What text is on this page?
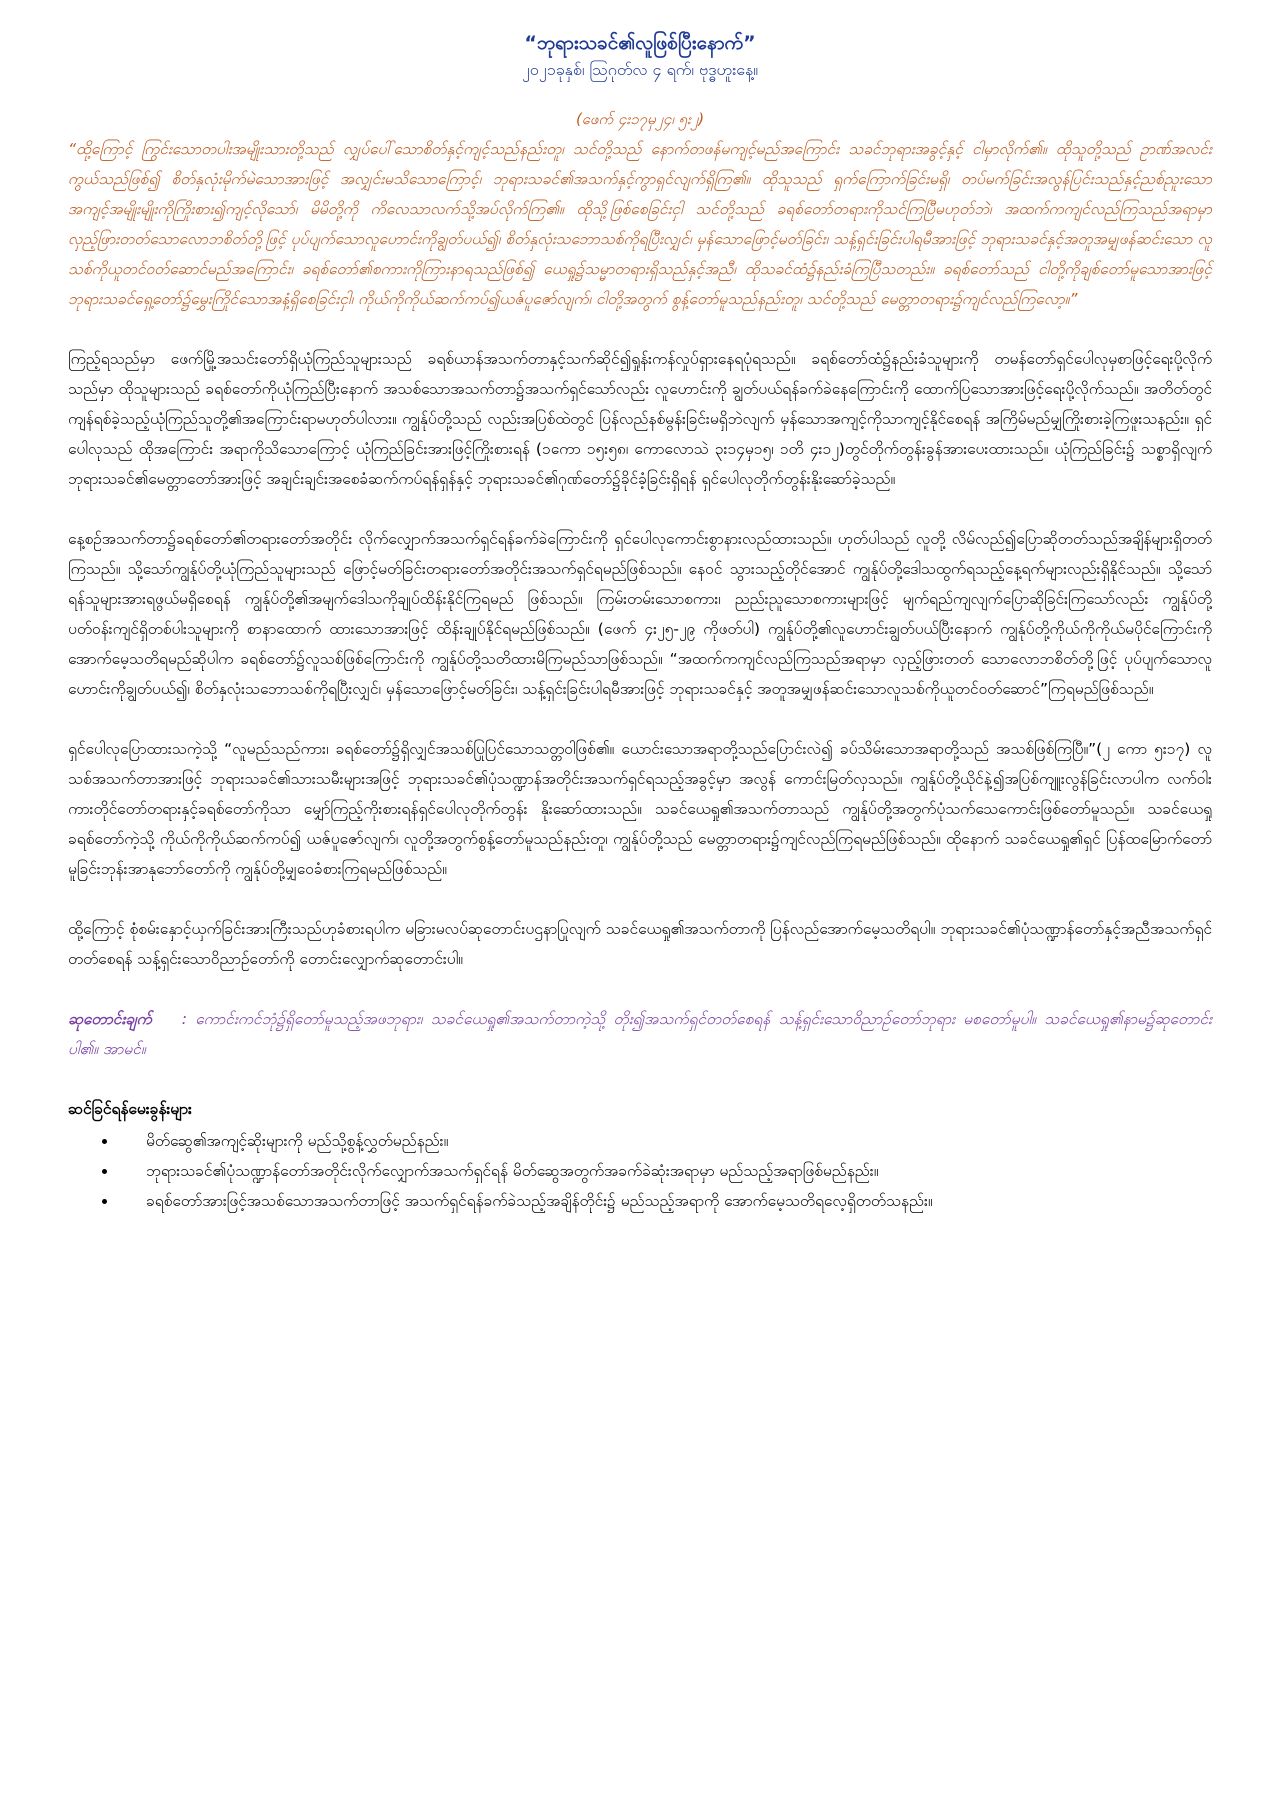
“ဘုရားသခင်၏လူဖြစ်ပြီးနောက်”
၂၀၂၁ခုနှစ်၊ ဩဂုတ်လ ၄ ရက်၊ ဗုဒ္ဓဟူးနေ့။
(ဖေက် ၄း၁၇မှ၂၄၊ ၅း၂)

“ထို့ကြောင့် ကြွင်းသောတပါးအမျိုးသားတို့သည် လျှပ်ပေါ်သောစိတ်နှင့်ကျင့်သည်နည်းတူ၊ သင်တို့သည် နောက်တဖန်မကျင့်မည်အကြောင်း သခင်ဘုရားအခွင့်နှင့် ငါမှာလိုက်၏။ ထိုသူတို့သည် ဥာဏ်အလင်းကွယ်သည်ဖြစ်၍ စိတ်နှလုံးမိုက်မဲသောအားဖြင့် အလျှင်းမသိသောကြောင့်၊ ဘုရားသခင်၏အသက်နှင့်ကွာရှင်လျက်ရှိကြ၏။ ထိုသူသည် ရှက်ကြောက်ခြင်းမရှိ၊ တပ်မက်ခြင်းအလွန်ပြင်းသည်နှင့်ညစ်ညူးသော အကျင့်အမျိုးမျိုးကိုကြိုးစား၍ကျင့်လိုသော်၊ မိမိတို့ကို ကိလေသာလက်သို့အပ်လိုက်ကြ၏။ ထိုသို့ဖြစ်စေခြင်းငှါ သင်တို့သည် ခရစ်တော်တရားကိုသင်ကြပြီမဟုတ်ဘဲ၊ အထက်ကကျင်လည်ကြသည်အရာမှာ လှည့်ဖြားတတ်သောလောဘစိတ်တို့ဖြင့် ပုပ်ပျက်သောလူဟောင်းကိုချွတ်ပယ်၍၊ စိတ်နှလုံးသဘောသစ်ကိုရပြီးလျှင်၊ မှန်သောဖြောင့်မတ်ခြင်း၊ သန့်ရှင်းခြင်းပါရမီအားဖြင့် ဘုရားသခင်နှင့်အတူအမျှဖန်ဆင်းသော လူသစ်ကိုယူတင်ဝတ်ဆောင်မည်အကြောင်း၊ ခရစ်တော်၏စကားကိုကြားနာရသည်ဖြစ်၍ ယေရှု၌သမ္မာတရားရှိသည်နှင့်အညီ၊ ထိုသခင်ထံ၌နည်းခံကြပြီသတည်း။ ခရစ်တော်သည် ငါတို့ကိုချစ်တော်မူသောအားဖြင့် ဘုရားသခင်ရှေ့တော်၌မွှေးကြိုင်သောအနံ့ရှိစေခြင်းငှါ၊ ကိုယ်ကိုကိုယ်ဆက်ကပ်၍ယဇ်ပူဇော်လျက်၊ ငါတို့အတွက် စွန့်တော်မူသည်နည်းတူ၊ သင်တို့သည် မေတ္တာတရား၌ကျင်လည်ကြလော့။”

ကြည့်ရသည်မှာ ဖေက်မြို့အသင်းတော်ရှိယုံကြည်သူများသည် ခရစ်ယာန်အသက်တာနှင့်သက်ဆိုင်၍ရှုန်းကန်လှုပ်ရှားနေရပုံရသည်။ ခရစ်တော်ထံ၌နည်းခံသူများကို တမန်တော်ရှင်ပေါလုမှစာဖြင့်ရေးပို့လိုက်သည်မှာ ထိုသူများသည် ခရစ်တော်ကိုယုံကြည်ပြီးနောက် အသစ်သောအသက်တာ၌အသက်ရှင်သော်လည်း လူဟောင်းကို ချွတ်ပယ်ရန်ခက်ခဲနေကြောင်းကို ထောက်ပြသောအားဖြင့်ရေးပို့လိုက်သည်။ အတိတ်တွင်ကျန်ရစ်ခဲ့သည့်ယုံကြည်သူတို့၏အကြောင်းရာမဟုတ်ပါလား။ ကျွန်ုပ်တို့သည် လည်းအပြစ်ထဲတွင် ပြန်လည်နစ်မွန်းခြင်းမရှိဘဲလျက် မှန်သောအကျင့်ကိုသာကျင့်နိုင်စေရန် အကြိမ်မည်မျှကြိုးစားခဲ့ကြဖူးသနည်း။ ရှင်ပေါလုသည် ထိုအကြောင်း အရာကိုသိသောကြောင့် ယုံကြည်ခြင်းအားဖြင့်ကြိုးစားရန် (၁ကော ၁၅း၅၈၊ ကောလောသဲ ၃း၁၄မှ၁၅၊ ၁တိ ၄း၁၂)တွင်တိုက်တွန်းခွန်အားပေးထားသည်။ ယုံကြည်ခြင်း၌ သစ္စာရှိလျက် ဘုရားသခင်၏မေတ္တာတော်အားဖြင့် အချင်းချင်းအစေခံဆက်ကပ်ရန်ရှန်နှင့် ဘုရားသခင်၏ဂုဏ်တော်၌ခိုင်ခံ့ခြင်းရှိရန် ရှင်ပေါလုတိုက်တွန်းနိုးဆော်ခဲ့သည်။

နေ့စဉ်အသက်တာ၌ခရစ်တော်၏တရားတော်အတိုင်း လိုက်လျှောက်အသက်ရှင်ရန်ခက်ခဲကြောင်းကို ရှင်ပေါလုကောင်းစွာနားလည်ထားသည်။ ဟုတ်ပါသည် လူတို့ လိမ်လည်၍ပြောဆိုတတ်သည်အချိန်များရှိတတ်ကြသည်။ သို့သော်ကျွန်ုပ်တို့ယုံကြည်သူများသည် ဖြောင့်မတ်ခြင်းတရားတော်အတိုင်းအသက်ရှင်ရမည်ဖြစ်သည်။ နေဝင် သွားသည့်တိုင်အောင် ကျွန်ုပ်တို့ဒေါသထွက်ရသည့်နေ့ရက်များလည်းရှိနိုင်သည်။ သို့သော် ရန်သူများအားရဖွယ်မရှိစေရန် ကျွန်ုပ်တို့၏အမျက်ဒေါသကိုချုပ်ထိန်းနိုင်ကြရမည် ဖြစ်သည်။ ကြမ်းတမ်းသောစကား၊ ညည်းညူသောစကားများဖြင့် မျက်ရည်ကျလျက်ပြောဆိုခြင်းကြသော်လည်း ကျွန်ုပ်တို့ပတ်ဝန်းကျင်ရှိတစ်ပါးသူများကို စာနာထောက် ထားသောအားဖြင့် ထိန်းချုပ်နိုင်ရမည်ဖြစ်သည်။ (ဖေက် ၄း၂၅-၂၉ ကိုဖတ်ပါ) ကျွန်ုပ်တို့၏လူဟောင်းချွတ်ပယ်ပြီးနောက် ကျွန်ုပ်တို့ကိုယ်ကိုကိုယ်မပိုင်ကြောင်းကို အောက်မေ့သတိရမည်ဆိုပါက ခရစ်တော်၌လူသစ်ဖြစ်ကြောင်းကို ကျွန်ုပ်တို့သတိထားမိကြမည်သာဖြစ်သည်။ “အထက်ကကျင်လည်ကြသည်အရာမှာ လှည့်ဖြားတတ် သောလောဘစိတ်တို့ဖြင့် ပုပ်ပျက်သောလူဟောင်းကိုချွတ်ပယ်၍၊ စိတ်နှလုံးသဘောသစ်ကိုရပြီးလျှင်၊ မှန်သောဖြောင့်မတ်ခြင်း၊ သန့်ရှင်းခြင်းပါရမီအားဖြင့် ဘုရားသခင်နှင့် အတူအမျှဖန်ဆင်းသောလူသစ်ကိုယူတင်ဝတ်ဆောင်”ကြရမည်ဖြစ်သည်။

ရှင်ပေါလုပြောထားသကဲ့သို့ “လူမည်သည်ကား၊ ခရစ်တော်၌ရှိလျှင်အသစ်ပြုပြင်သောသတ္တဝါဖြစ်၏။ ယောင်းသောအရာတို့သည်ပြောင်းလဲ၍ ခပ်သိမ်းသောအရာတို့သည် အသစ်ဖြစ်ကြပြီ။”(၂ ကော ၅း၁၇) လူသစ်အသက်တာအားဖြင့် ဘုရားသခင်၏သားသမီးများအဖြင့် ဘုရားသခင်၏ပုံသဏ္ဍာန်အတိုင်းအသက်ရှင်ရသည့်အခွင့်မှာ အလွန် ကောင်းမြတ်လှသည်။ ကျွန်ုပ်တို့ယိုင်နဲ့၍အပြစ်ကျူးလွန်ခြင်းလာပါက လက်ဝါးကားတိုင်တော်တရားနှင့်ခရစ်တော်ကိုသာ မျှော်ကြည့်ကိုးစားရန်ရှင်ပေါလုတိုက်တွန်း နိုးဆော်ထားသည်။ သခင်ယေရှု၏အသက်တာသည် ကျွန်ုပ်တို့အတွက်ပုံသက်သေကောင်းဖြစ်တော်မူသည်။ သခင်ယေရှုခရစ်တော်ကဲ့သို့ ကိုယ်ကိုကိုယ်ဆက်ကပ်၍ ယဇ်ပူဇော်လျက်၊ လူတို့အတွက်စွန့်တော်မူသည်နည်းတူ၊ ကျွန်ုပ်တို့သည် မေတ္တာတရား၌ကျင်လည်ကြရမည်ဖြစ်သည်။ ထိုနောက် သခင်ယေရှု၏ရှင် ပြန်ထမြောက်တော် မူခြင်းဘုန်းအာနုဘော်တော်ကို ကျွန်ုပ်တို့မျှဝေခံစားကြရမည်ဖြစ်သည်။

ထို့ကြောင့် စုံစမ်းနှောင့်ယှက်ခြင်းအားကြီးသည်ဟုခံစားရပါက မခြားမလပ်ဆုတောင်းပဌနာပြုလျက် သခင်ယေရှု၏အသက်တာကို ပြန်လည်အောက်မေ့သတိရပါ။ ဘုရားသခင်၏ပုံသဏ္ဍာန်တော်နှင့်အညီအသက်ရှင်တတ်စေရန် သန့်ရှင်းသောဝိညာဉ်တော်ကို တောင်းလျှောက်ဆုတောင်းပါ။

ဆုတောင်းချက် : ကောင်းကင်ဘုံ၌ရှိတော်မူသည့်အဖဘုရား၊ သခင်ယေရှု၏အသက်တာကဲ့သို့ တိုး၍အသက်ရှင်တတ်စေရန် သန့်ရှင်းသောဝိညာဉ်တော်ဘုရား မစတော်မူပါ။ သခင်ယေရှု၏နာမ၌ဆုတောင်းပါ၏။ အာမင်။

ဆင်ခြင်ရန်မေးခွန်းများ
• မိတ်ဆွေ၏အကျင့်ဆိုးများကို မည်သို့စွန့်လွှတ်မည်နည်း။
• ဘုရားသခင်၏ပုံသဏ္ဍာန်တော်အတိုင်းလိုက်လျှောက်အသက်ရှင်ရန် မိတ်ဆွေအတွက်အခက်ခဲဆုံးအရာမှာ မည်သည့်အရာဖြစ်မည်နည်း။
• ခရစ်တော်အားဖြင့်အသစ်သောအသက်တာဖြင့် အသက်ရှင်ရန်ခက်ခဲသည့်အချိန်တိုင်း၌ မည်သည့်အရာကို အောက်မေ့သတိရလေ့ရှိတတ်သနည်း။
